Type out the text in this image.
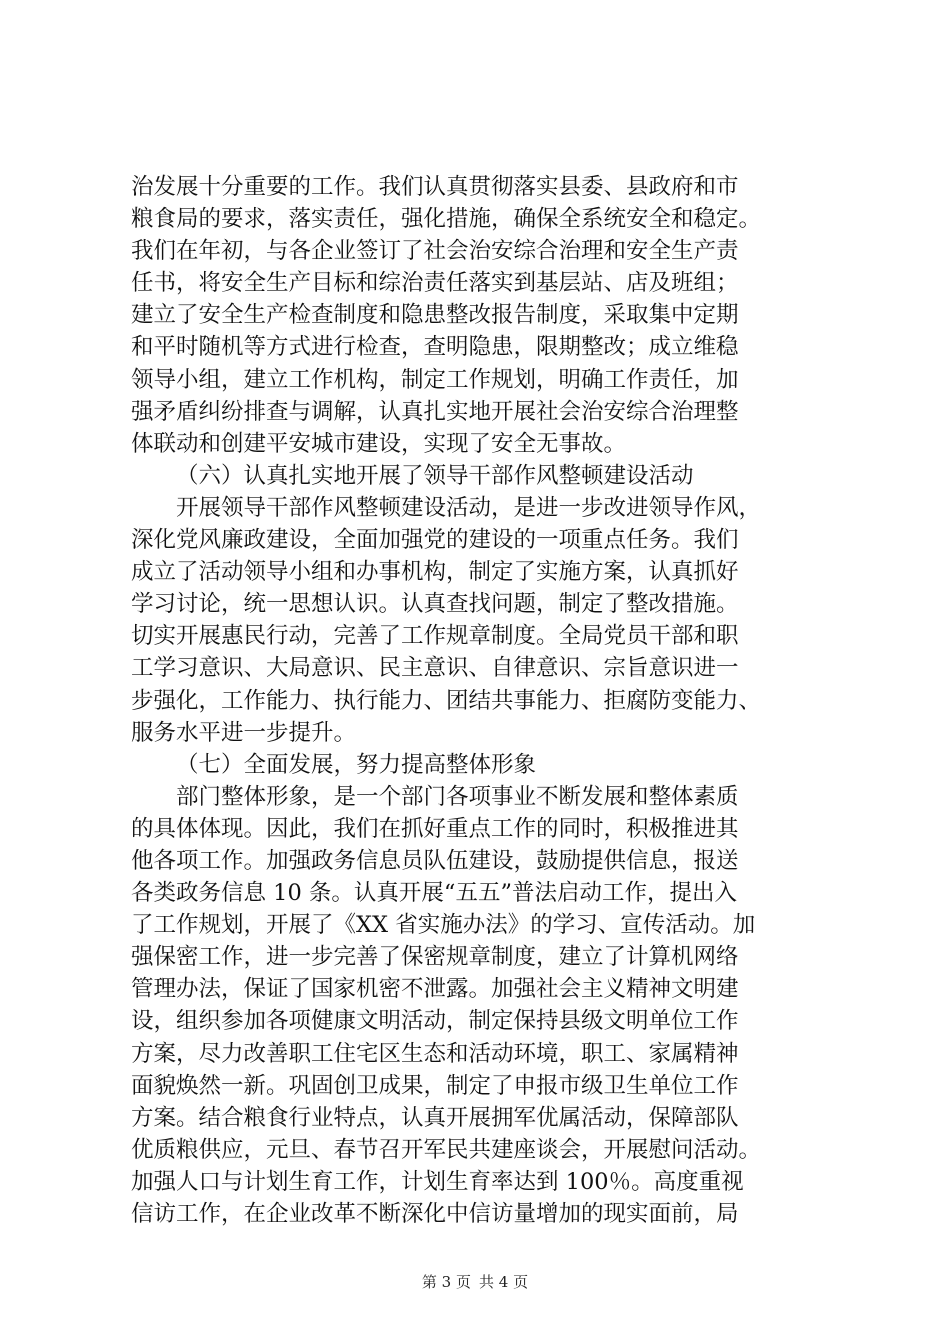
治发展十分重要的工作。我们认真贯彻落实县委、县政府和市
粮食局的要求，落实责任，强化措施，确保全系统安全和稳定。
我们在年初，与各企业签订了社会治安综合治理和安全生产责
任书，将安全生产目标和综治责任落实到基层站、店及班组；
建立了安全生产检查制度和隐患整改报告制度，采取集中定期
和平时随机等方式进行检查，查明隐患，限期整改；成立维稳
领导小组，建立工作机构，制定工作规划，明确工作责任，加
强矛盾纠纷排查与调解，认真扎实地开展社会治安综合治理整
体联动和创建平安城市建设，实现了安全无事故。
（六）认真扎实地开展了领导干部作风整顿建设活动
开展领导干部作风整顿建设活动，是进一步改进领导作风，
深化党风廉政建设，全面加强党的建设的一项重点任务。我们
成立了活动领导小组和办事机构，制定了实施方案，认真抓好
学习讨论，统一思想认识。认真查找问题，制定了整改措施。
切实开展惠民行动，完善了工作规章制度。全局党员干部和职
工学习意识、大局意识、民主意识、自律意识、宗旨意识进一
步强化，工作能力、执行能力、团结共事能力、拒腐防变能力、
服务水平进一步提升。
（七）全面发展，努力提高整体形象
部门整体形象，是一个部门各项事业不断发展和整体素质
的具体体现。因此，我们在抓好重点工作的同时，积极推进其
他各项工作。加强政务信息员队伍建设，鼓励提供信息，报送
各类政务信息 10 条。认真开展“五五”普法启动工作，提出入
了工作规划，开展了《XX 省实施办法》的学习、宣传活动。加
强保密工作，进一步完善了保密规章制度，建立了计算机网络
管理办法，保证了国家机密不泄露。加强社会主义精神文明建
设，组织参加各项健康文明活动，制定保持县级文明单位工作
方案，尽力改善职工住宅区生态和活动环境，职工、家属精神
面貌焕然一新。巩固创卫成果，制定了申报市级卫生单位工作
方案。结合粮食行业特点，认真开展拥军优属活动，保障部队
优质粮供应，元旦、春节召开军民共建座谈会，开展慰问活动。
加强人口与计划生育工作，计划生育率达到 100％。高度重视
信访工作，在企业改革不断深化中信访量增加的现实面前，局
第 3 页 共 4 页
